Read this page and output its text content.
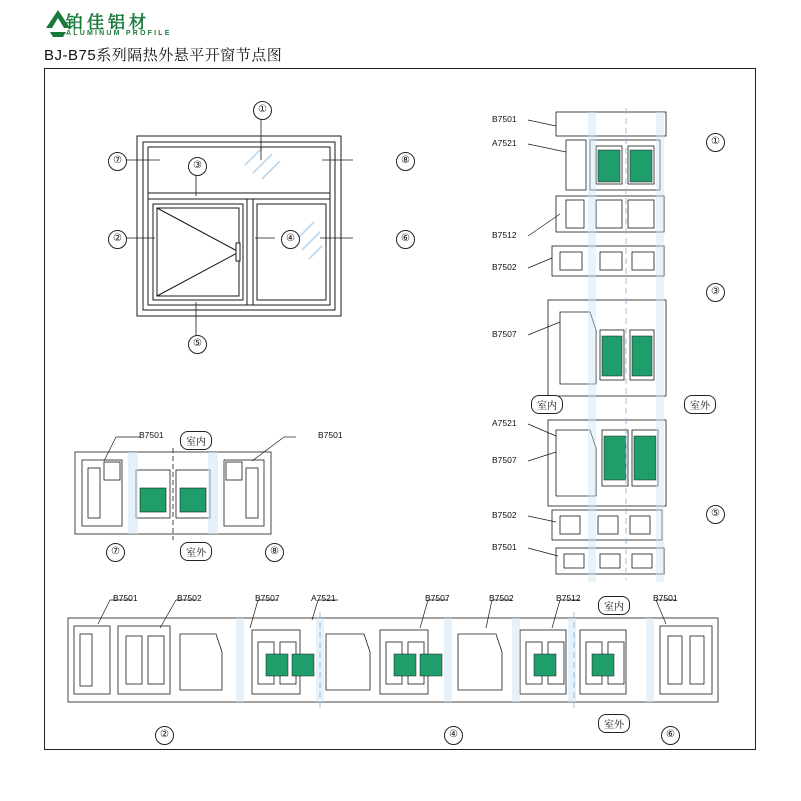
铂佳铝材
ALUMINUM PROFILE
BJ-B75系列隔热外悬平开窗节点图
①
⑦	⑧
③
②	④	⑥
⑤
B7501
A7521
B7512
B7502
B7507
A7521
B7507
B7502
B7501
①
③
⑤
室内	室外
B7501	B7501
室内
室外
⑦	⑧
B7501	B7502	B7507	A7521	B7507	B7502	B7512	B7501
室内
室外
②	④	⑥
